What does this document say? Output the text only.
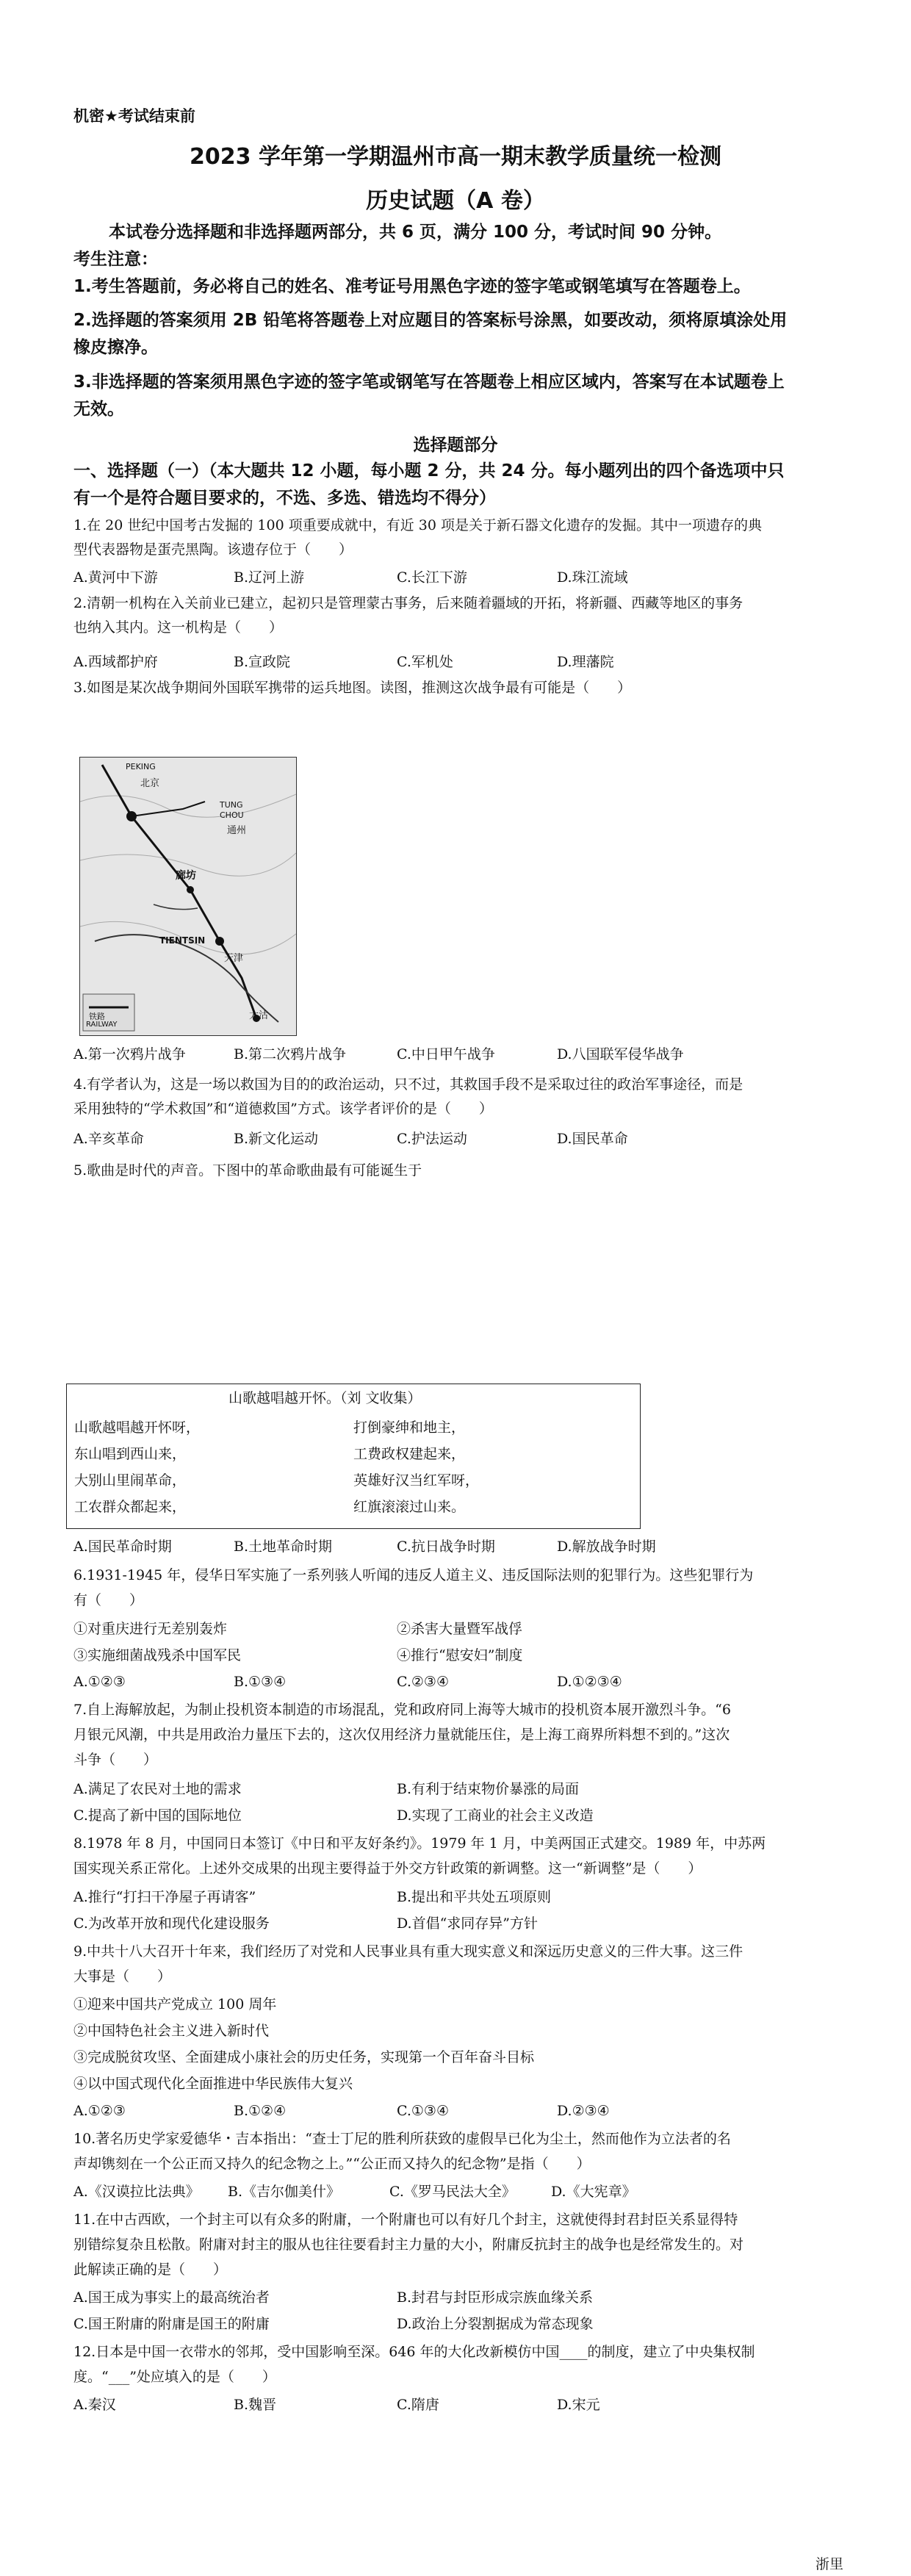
机密★考试结束前
2023 学年第一学期温州市高一期末教学质量统一检测
历史试题（A 卷）
本试卷分选择题和非选择题两部分，共 6 页，满分 100 分，考试时间 90 分钟。
考生注意：
1.考生答题前，务必将自己的姓名、准考证号用黑色字迹的签字笔或钢笔填写在答题卷上。
2.选择题的答案须用 2B 铅笔将答题卷上对应题目的答案标号涂黑，如要改动，须将原填涂处用
橡皮擦净。
3.非选择题的答案须用黑色字迹的签字笔或钢笔写在答题卷上相应区域内，答案写在本试题卷上
无效。
选择题部分
一、选择题（一）（本大题共 12 小题，每小题 2 分，共 24 分。每小题列出的四个备选项中只
有一个是符合题目要求的，不选、多选、错选均不得分）
1.在 20 世纪中国考古发掘的 100 项重要成就中，有近 30 项是关于新石器文化遗存的发掘。其中一项遗存的典
型代表器物是蛋壳黑陶。该遗存位于（　　）
A.黄河中下游	B.辽河上游	C.长江下游	D.珠江流域
2.清朝一机构在入关前业已建立，起初只是管理蒙古事务，后来随着疆域的开拓，将新疆、西藏等地区的事务
也纳入其内。这一机构是（　　）
A.西域都护府	B.宣政院	C.军机处	D.理藩院
3.如图是某次战争期间外国联军携带的运兵地图。读图，推测这次战争最有可能是（　　）
PEKING
北京
TUNG
CHOU
通州
廊坊
TIENTSIN
天津
大沽
铁路
RAILWAY
A.第一次鸦片战争	B.第二次鸦片战争	C.中日甲午战争	D.八国联军侵华战争
4.有学者认为，这是一场以救国为目的的政治运动，只不过，其救国手段不是采取过往的政治军事途径，而是
采用独特的“学术救国”和“道德救国”方式。该学者评价的是（　　）
A.辛亥革命	B.新文化运动	C.护法运动	D.国民革命
5.歌曲是时代的声音。下图中的革命歌曲最有可能诞生于
山歌越唱越开怀。（刘 文收集）
山歌越唱越开怀呀，
东山唱到西山来，
大别山里闹革命，
工农群众都起来，
打倒豪绅和地主，
工费政权建起来，
英雄好汉当红军呀，
红旗滚滚过山来。
A.国民革命时期	B.土地革命时期	C.抗日战争时期	D.解放战争时期
6.1931-1945 年，侵华日军实施了一系列骇人听闻的违反人道主义、违反国际法则的犯罪行为。这些犯罪行为
有（　　）
①对重庆进行无差别轰炸	②杀害大量暨军战俘
③实施细菌战残杀中国军民	④推行“慰安妇”制度
A.①②③	B.①③④	C.②③④	D.①②③④
7.自上海解放起，为制止投机资本制造的市场混乱，党和政府同上海等大城市的投机资本展开激烈斗争。“6
月银元风潮，中共是用政治力量压下去的，这次仅用经济力量就能压住，是上海工商界所料想不到的。”这次
斗争（　　）
A.满足了农民对土地的需求	B.有利于结束物价暴涨的局面
C.提高了新中国的国际地位	D.实现了工商业的社会主义改造
8.1978 年 8 月，中国同日本签订《中日和平友好条约》。1979 年 1 月，中美两国正式建交。1989 年，中苏两
国实现关系正常化。上述外交成果的出现主要得益于外交方针政策的新调整。这一“新调整”是（　　）
A.推行“打扫干净屋子再请客”	B.提出和平共处五项原则
C.为改革开放和现代化建设服务	D.首倡“求同存异”方针
9.中共十八大召开十年来，我们经历了对党和人民事业具有重大现实意义和深远历史意义的三件大事。这三件
大事是（　　）
①迎来中国共产党成立 100 周年
②中国特色社会主义进入新时代
③完成脱贫攻坚、全面建成小康社会的历史任务，实现第一个百年奋斗目标
④以中国式现代化全面推进中华民族伟大复兴
A.①②③	B.①②④	C.①③④	D.②③④
10.著名历史学家爱德华・吉本指出：“查士丁尼的胜利所获致的虚假旱已化为尘土，然而他作为立法者的名
声却镌刻在一个公正而又持久的纪念物之上。”“公正而又持久的纪念物”是指（　　）
A.《汉谟拉比法典》 B.《吉尔伽美什》	C.《罗马民法大全》	D.《大宪章》
11.在中古西欧，一个封主可以有众多的附庸，一个附庸也可以有好几个封主，这就使得封君封臣关系显得特
别错综复杂且松散。附庸对封主的服从也往往要看封主力量的大小，附庸反抗封主的战争也是经常发生的。对
此解读正确的是（　　）
A.国王成为事实上的最高统治者	B.封君与封臣形成宗族血缘关系
C.国王附庸的附庸是国王的附庸	D.政治上分裂割据成为常态现象
12.日本是中国一衣带水的邻邦，受中国影响至深。646 年的大化改新模仿中国____的制度，建立了中央集权制
度。“___”处应填入的是（　　）
A.秦汉	B.魏晋	C.隋唐	D.宋元
浙里
